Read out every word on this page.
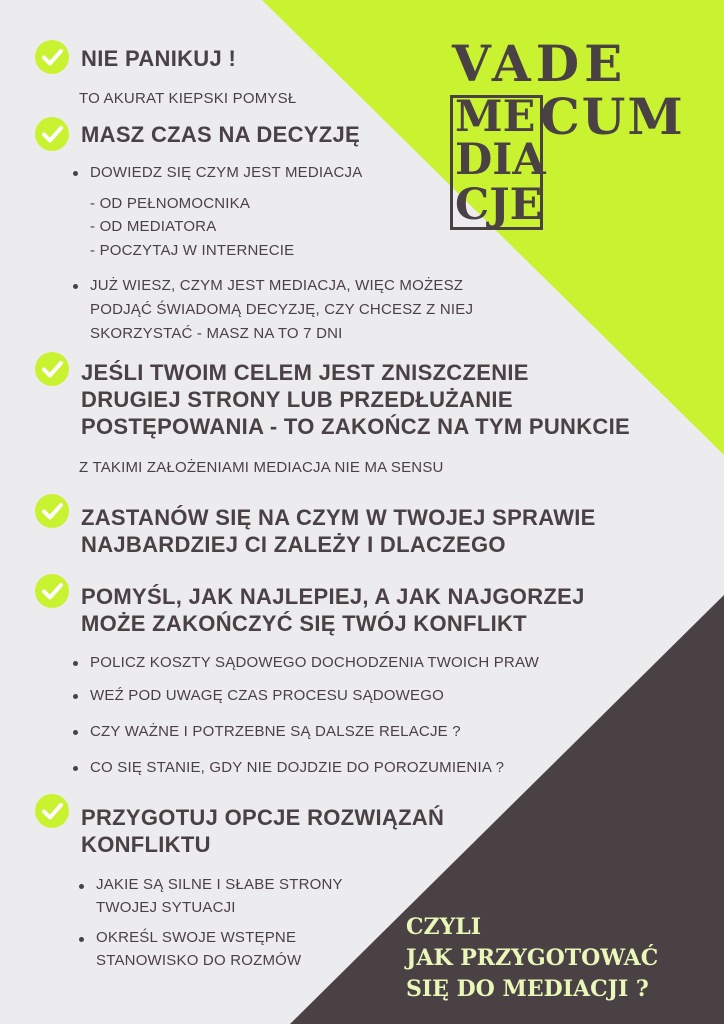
VADE
ME CUM
DIA
CJE
NIE PANIKUJ !
TO AKURAT KIEPSKI POMYSŁ
MASZ CZAS NA DECYZJĘ
DOWIEDZ SIĘ CZYM JEST MEDIACJA
- OD PEŁNOMOCNIKA
- OD MEDIATORA
- POCZYTAJ W INTERNECIE
JUŻ WIESZ, CZYM JEST MEDIACJA, WIĘC MOŻESZ
PODJĄĆ ŚWIADOMĄ DECYZJĘ, CZY CHCESZ Z NIEJ
SKORZYSTAĆ - MASZ NA TO 7 DNI
JEŚLI TWOIM CELEM JEST ZNISZCZENIE
DRUGIEJ STRONY LUB PRZEDŁUŻANIE
POSTĘPOWANIA - TO ZAKOŃCZ NA TYM PUNKCIE
Z TAKIMI ZAŁOŻENIAMI MEDIACJA NIE MA SENSU
ZASTANÓW SIĘ NA CZYM W TWOJEJ SPRAWIE
NAJBARDZIEJ CI ZALEŻY I DLACZEGO
POMYŚL, JAK NAJLEPIEJ, A JAK NAJGORZEJ
MOŻE ZAKOŃCZYĆ SIĘ TWÓJ KONFLIKT
POLICZ KOSZTY SĄDOWEGO DOCHODZENIA TWOICH PRAW
WEŹ POD UWAGĘ CZAS PROCESU SĄDOWEGO
CZY WAŻNE I POTRZEBNE SĄ DALSZE RELACJE ?
CO SIĘ STANIE, GDY NIE DOJDZIE DO POROZUMIENIA ?
PRZYGOTUJ OPCJE ROZWIĄZAŃ
KONFLIKTU
JAKIE SĄ SILNE I SŁABE STRONY
TWOJEJ SYTUACJI
OKREŚL SWOJE WSTĘPNE
STANOWISKO DO ROZMÓW
CZYLI
JAK PRZYGOTOWAĆ
SIĘ DO MEDIACJI ?
